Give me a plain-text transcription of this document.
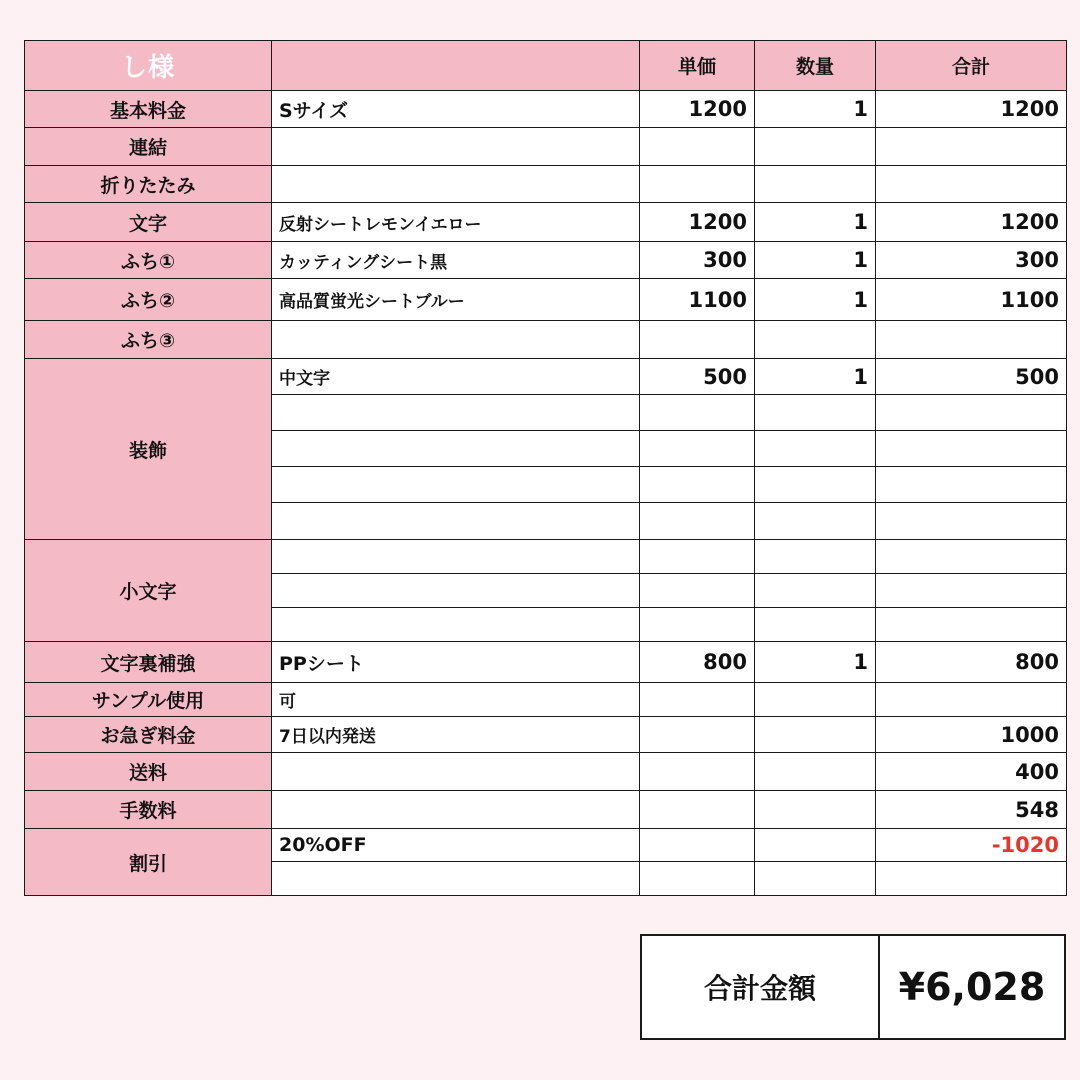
し様		単価	数量	合計
基本料金	Sサイズ	1200	1	1200
連結				
折りたたみ				
文字	反射シートレモンイエロー	1200	1	1200
ふち①	カッティングシート黒	300	1	300
ふち②	高品質蛍光シートブルー	1100	1	1100
ふち③				
装飾	中文字	500	1	500

小文字				

文字裏補強	PPシート	800	1	800
サンプル使用	可			
お急ぎ料金	7日以内発送			1000
送料				400
手数料				548
割引	20%OFF			-1020

合計金額	¥6,028
